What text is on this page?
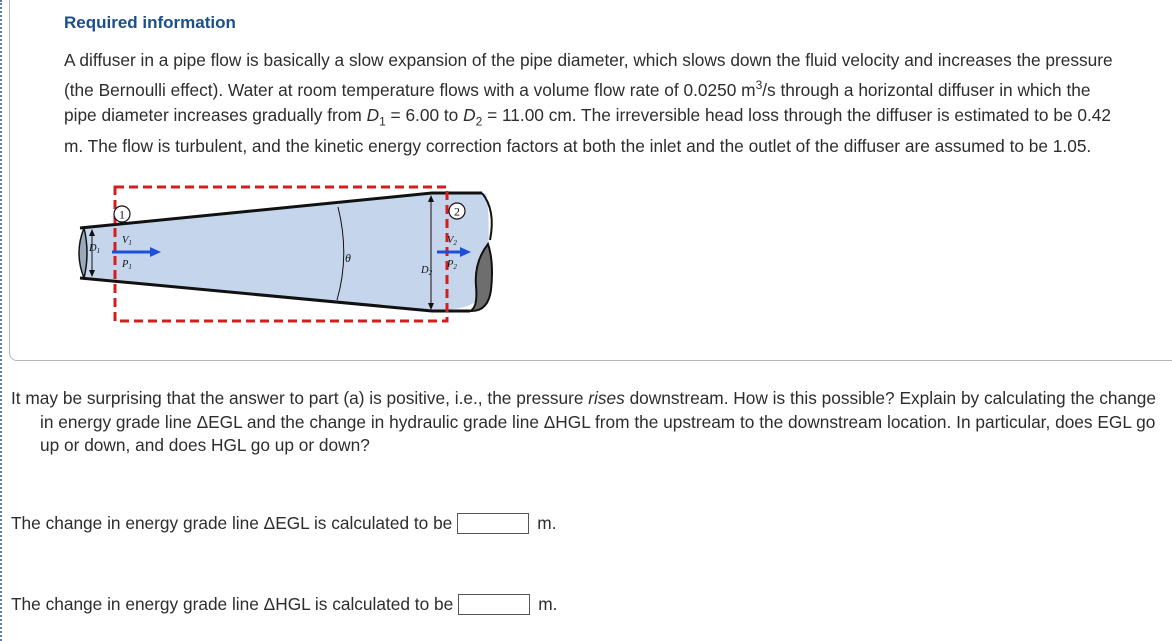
Required information

A diffuser in a pipe flow is basically a slow expansion of the pipe diameter, which slows down the fluid velocity and increases the pressure (the Bernoulli effect). Water at room temperature flows with a volume flow rate of 0.0250 $m^3/s$ through a horizontal diffuser in which the pipe diameter increases gradually from $D_1 = 6.00$ to $D_2 = 11.00$ cm. The irreversible head loss through the diffuser is estimated to be 0.42 m. The flow is turbulent, and the kinetic energy correction factors at both the inlet and the outlet of the diffuser are assumed to be 1.05.

θ
1	2
D1
V1
P1
V2
P2
D2

It may be surprising that the answer to part (a) is positive, i.e., the pressure rises downstream. How is this possible? Explain by calculating the change in energy grade line ΔEGL and the change in hydraulic grade line ΔHGL from the upstream to the downstream location. In particular, does EGL go up or down, and does HGL go up or down?

The change in energy grade line ΔEGL is calculated to be	m.
The change in energy grade line ΔHGL is calculated to be	m.
